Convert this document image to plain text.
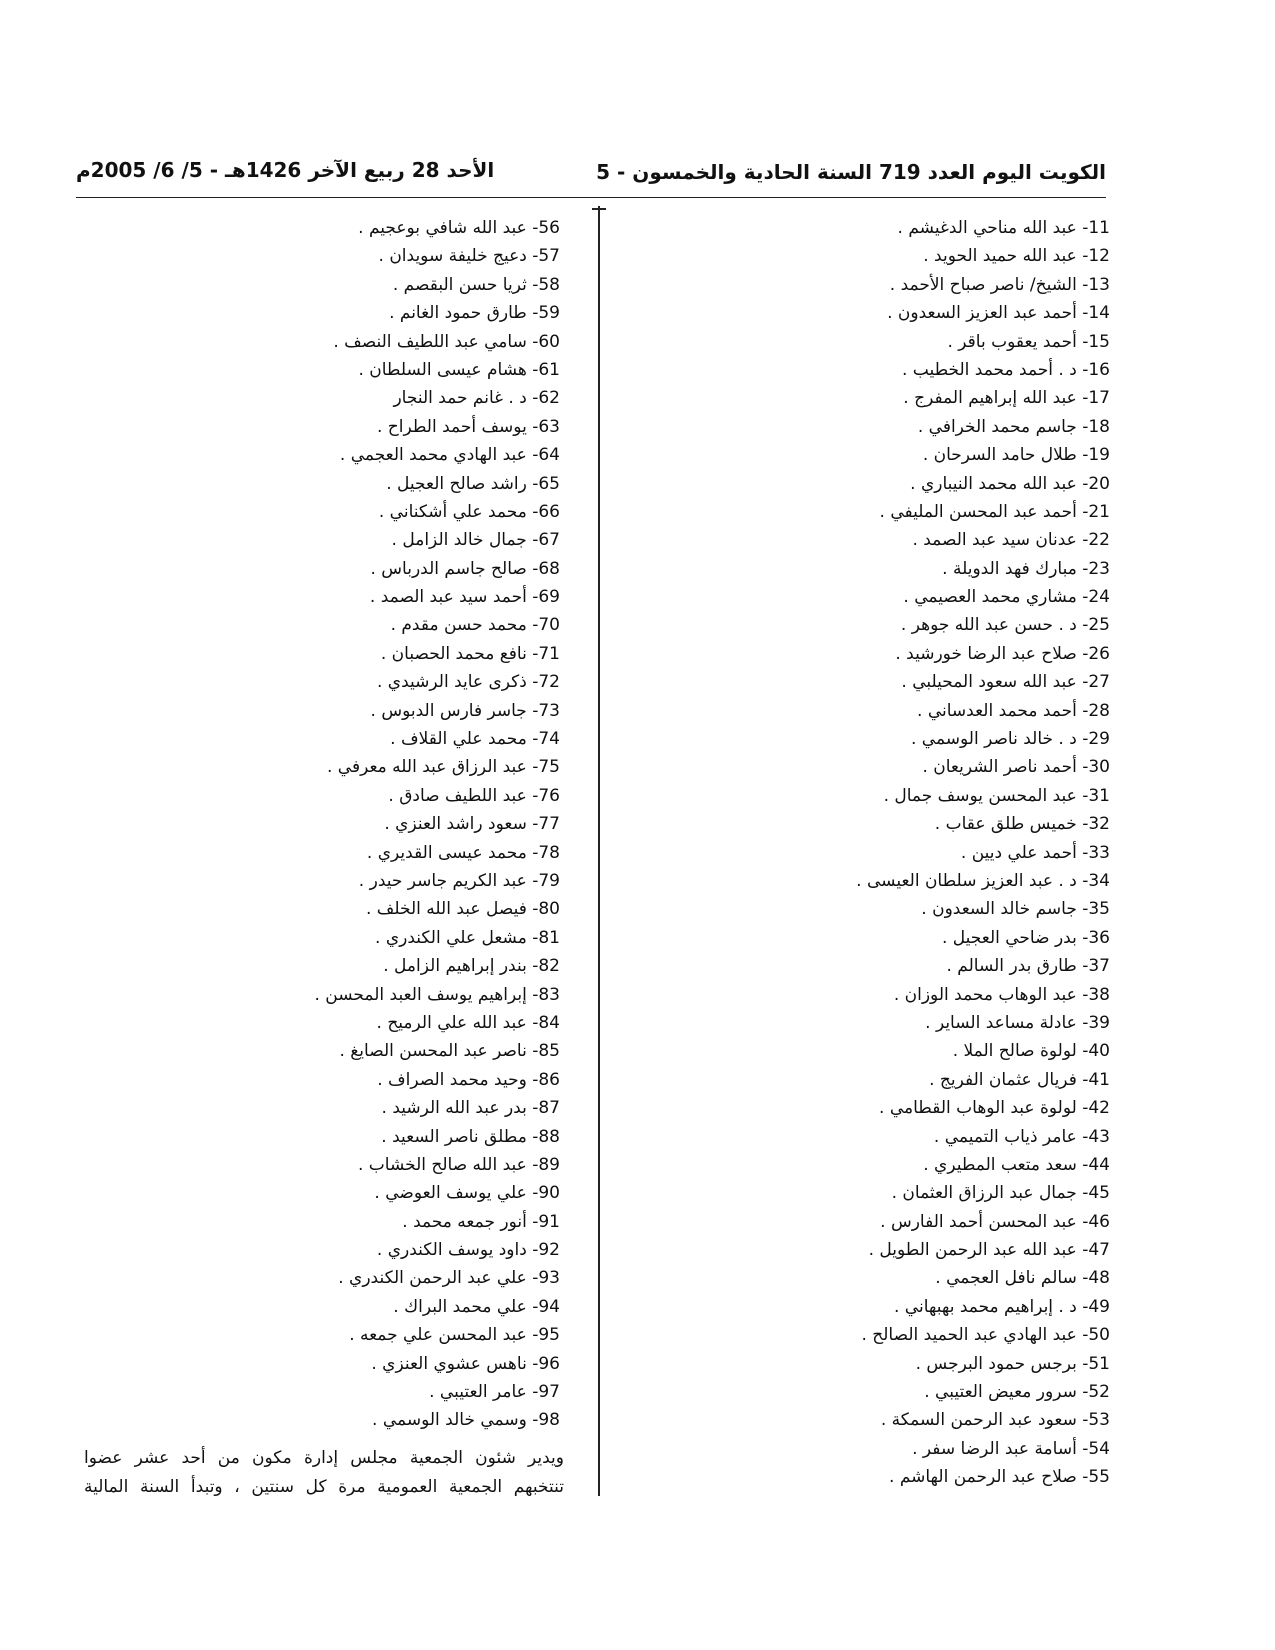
الكويت اليوم العدد 719 السنة الحادية والخمسون - 5
الأحد 28 ربيع الآخر 1426هـ - 5/ 6/ 2005م
11- عبد الله مناحي الدغيشم .
12- عبد الله حميد الحويد .
13- الشيخ/ ناصر صباح الأحمد .
14- أحمد عبد العزيز السعدون .
15- أحمد يعقوب باقر .
16- د . أحمد محمد الخطيب .
17- عبد الله إبراهيم المفرج .
18- جاسم محمد الخرافي .
19- طلال حامد السرحان .
20- عبد الله محمد النيباري .
21- أحمد عبد المحسن المليفي .
22- عدنان سيد عبد الصمد .
23- مبارك فهد الدويلة .
24- مشاري محمد العصيمي .
25- د . حسن عبد الله جوهر .
26- صلاح عبد الرضا خورشيد .
27- عبد الله سعود المحيلبي .
28- أحمد محمد العدساني .
29- د . خالد ناصر الوسمي .
30- أحمد ناصر الشريعان .
31- عبد المحسن يوسف جمال .
32- خميس طلق عقاب .
33- أحمد علي ديين .
34- د . عبد العزيز سلطان العيسى .
35- جاسم خالد السعدون .
36- بدر ضاحي العجيل .
37- طارق بدر السالم .
38- عبد الوهاب محمد الوزان .
39- عادلة مساعد الساير .
40- لولوة صالح الملا .
41- فريال عثمان الفريج .
42- لولوة عبد الوهاب القطامي .
43- عامر ذياب التميمي .
44- سعد متعب المطيري .
45- جمال عبد الرزاق العثمان .
46- عبد المحسن أحمد الفارس .
47- عبد الله عبد الرحمن الطويل .
48- سالم نافل العجمي .
49- د . إبراهيم محمد بهبهاني .
50- عبد الهادي عبد الحميد الصالح .
51- برجس حمود البرجس .
52- سرور معيض العتيبي .
53- سعود عبد الرحمن السمكة .
54- أسامة عبد الرضا سفر .
55- صلاح عبد الرحمن الهاشم .
56- عبد الله شافي بوعجيم .
57- دعيج خليفة سويدان .
58- ثريا حسن البقصم .
59- طارق حمود الغانم .
60- سامي عبد اللطيف النصف .
61- هشام عيسى السلطان .
62- د . غانم حمد النجار
63- يوسف أحمد الطراح .
64- عبد الهادي محمد العجمي .
65- راشد صالح العجيل .
66- محمد علي أشكناني .
67- جمال خالد الزامل .
68- صالح جاسم الدرباس .
69- أحمد سيد عبد الصمد .
70- محمد حسن مقدم .
71- نافع محمد الحصبان .
72- ذكرى عايد الرشيدي .
73- جاسر فارس الدبوس .
74- محمد علي القلاف .
75- عبد الرزاق عبد الله معرفي .
76- عبد اللطيف صادق .
77- سعود راشد العنزي .
78- محمد عيسى القديري .
79- عبد الكريم جاسر حيدر .
80- فيصل عبد الله الخلف .
81- مشعل علي الكندري .
82- بندر إبراهيم الزامل .
83- إبراهيم يوسف العبد المحسن .
84- عبد الله علي الرميح .
85- ناصر عبد المحسن الصايغ .
86- وحيد محمد الصراف .
87- بدر عبد الله الرشيد .
88- مطلق ناصر السعيد .
89- عبد الله صالح الخشاب .
90- علي يوسف العوضي .
91- أنور جمعه محمد .
92- داود يوسف الكندري .
93- علي عبد الرحمن الكندري .
94- علي محمد البراك .
95- عبد المحسن علي جمعه .
96- ناهس عشوي العنزي .
97- عامر العتيبي .
98- وسمي خالد الوسمي .
ويدير شئون الجمعية مجلس إدارة مكون من أحد عشر عضوا
تنتخبهم الجمعية العمومية مرة كل سنتين ، وتبدأ السنة المالية
